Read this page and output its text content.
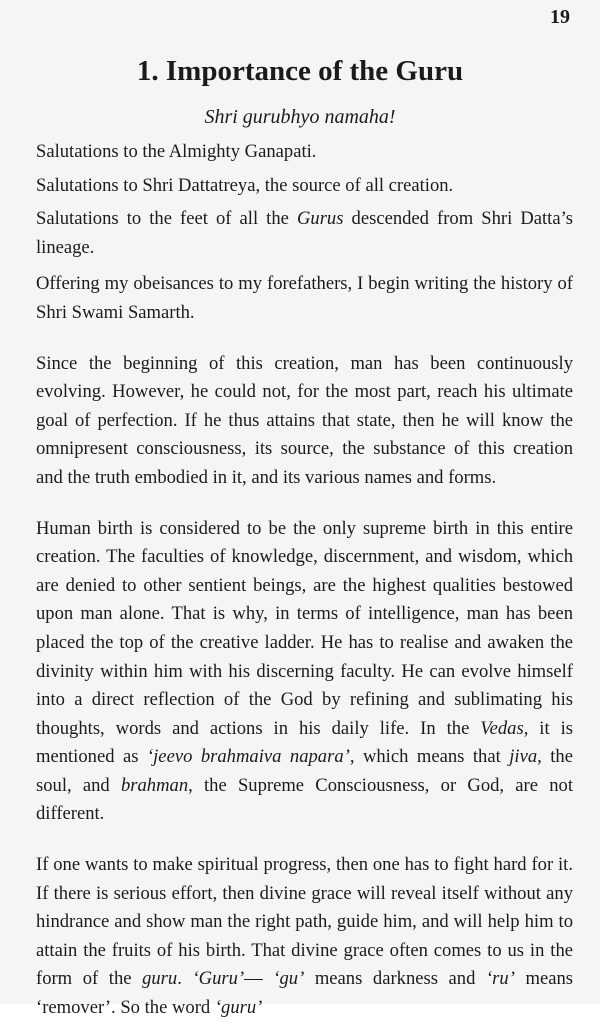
19
1. Importance of the Guru

Shri gurubhyo namaha!

Salutations to the Almighty Ganapati.

Salutations to Shri Dattatreya, the source of all creation.

Salutations to the feet of all the Gurus descended from Shri Datta’s lineage.

Offering my obeisances to my forefathers, I begin writing the history of Shri Swami Samarth.

Since the beginning of this creation, man has been continuously evolving. However, he could not, for the most part, reach his ultimate goal of perfection. If he thus attains that state, then he will know the omnipresent consciousness, its source, the substance of this creation and the truth embodied in it, and its various names and forms.

Human birth is considered to be the only supreme birth in this entire creation. The faculties of knowledge, discernment, and wisdom, which are denied to other sentient beings, are the highest qualities bestowed upon man alone. That is why, in terms of intelligence, man has been placed the top of the creative ladder. He has to realise and awaken the divinity within him with his discerning faculty. He can evolve himself into a direct reflection of the God by refining and sublimating his thoughts, words and actions in his daily life. In the Vedas, it is mentioned as ‘jeevo brahmaiva napara’, which means that jiva, the soul, and brahman, the Supreme Consciousness, or God, are not different.

If one wants to make spiritual progress, then one has to fight hard for it. If there is serious effort, then divine grace will reveal itself without any hindrance and show man the right path, guide him, and will help him to attain the fruits of his birth. That divine grace often comes to us in the form of the guru. ‘Guru’— ‘gu’ means darkness and ‘ru’ means ‘remover’. So the word ‘guru’
